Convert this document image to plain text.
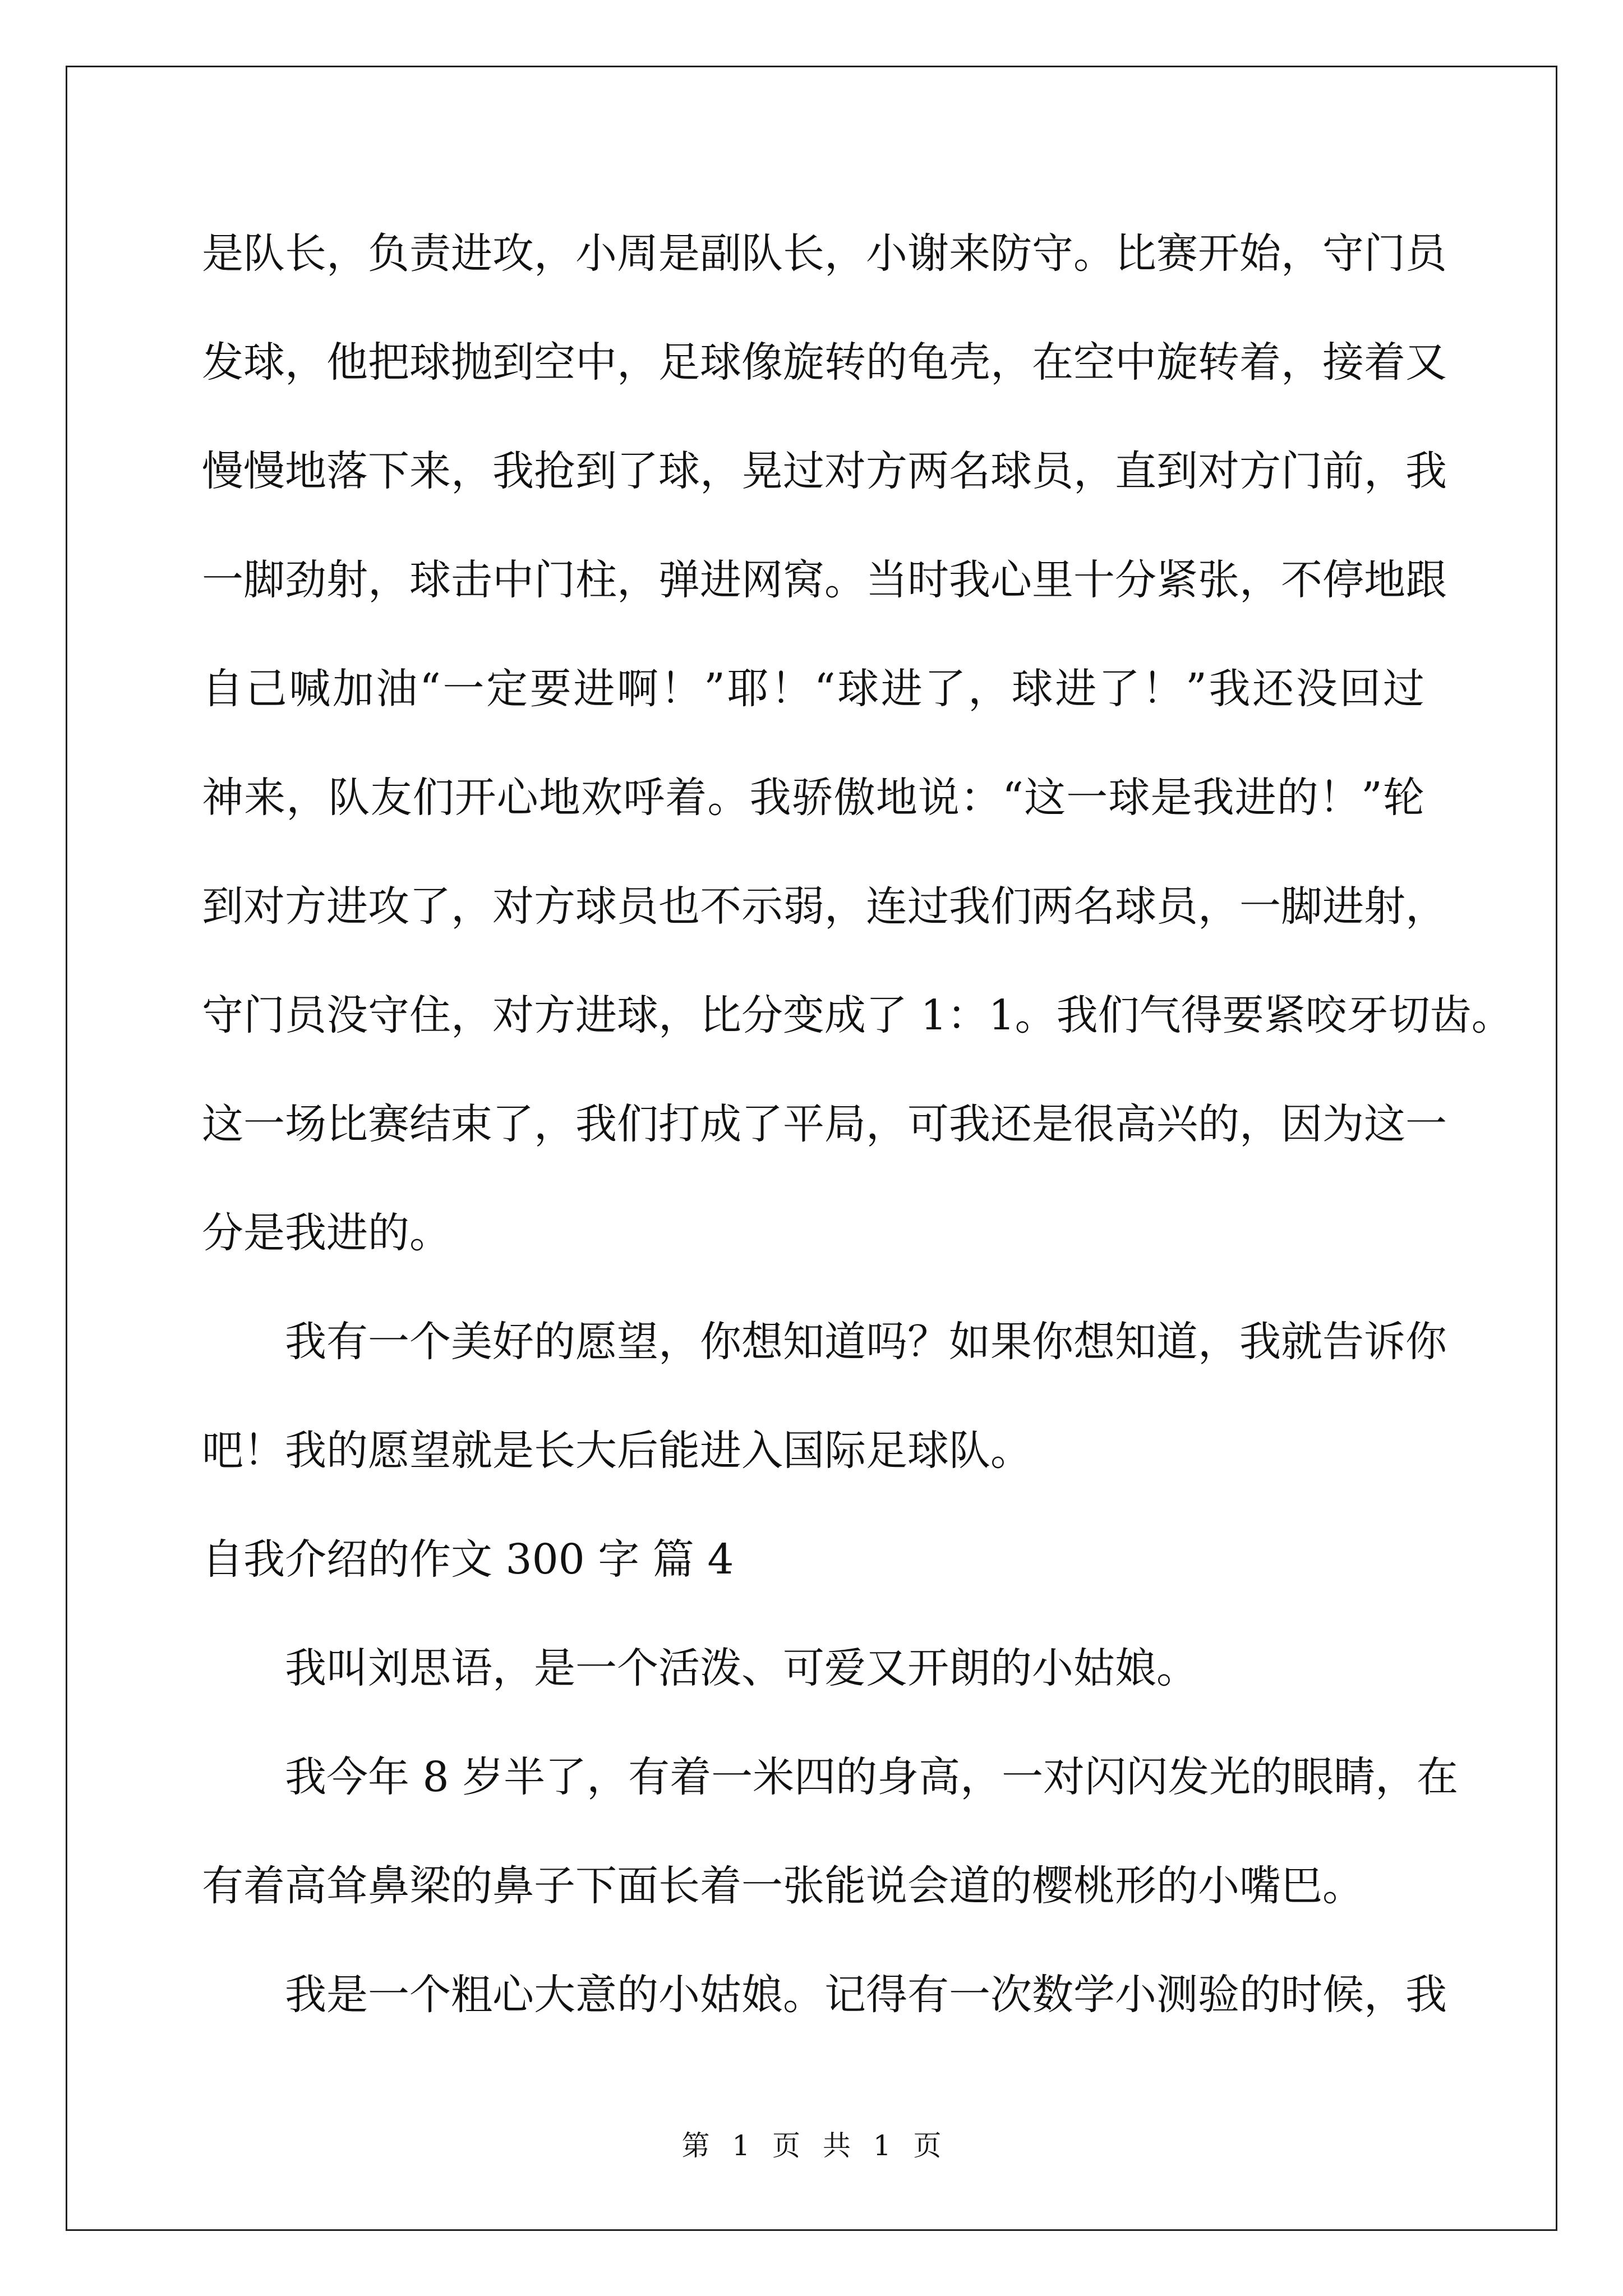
是队长，负责进攻，小周是副队长，小谢来防守。比赛开始，守门员
发球，他把球抛到空中，足球像旋转的龟壳，在空中旋转着，接着又
慢慢地落下来，我抢到了球，晃过对方两名球员，直到对方门前，我
一脚劲射，球击中门柱，弹进网窝。当时我心里十分紧张，不停地跟
自己喊加油“一定要进啊！”耶！“球进了，球进了！”我还没回过
神来，队友们开心地欢呼着。我骄傲地说：“这一球是我进的！”轮
到对方进攻了，对方球员也不示弱，连过我们两名球员，一脚进射，
守门员没守住，对方进球，比分变成了 1：1。我们气得要紧咬牙切齿。
这一场比赛结束了，我们打成了平局，可我还是很高兴的，因为这一
分是我进的。
我有一个美好的愿望，你想知道吗？如果你想知道，我就告诉你
吧！我的愿望就是长大后能进入国际足球队。
自我介绍的作文 300 字 篇 4
我叫刘思语，是一个活泼、可爱又开朗的小姑娘。
我今年 8 岁半了，有着一米四的身高，一对闪闪发光的眼睛，在
有着高耸鼻梁的鼻子下面长着一张能说会道的樱桃形的小嘴巴。
我是一个粗心大意的小姑娘。记得有一次数学小测验的时候，我
第 1 页 共 1 页
